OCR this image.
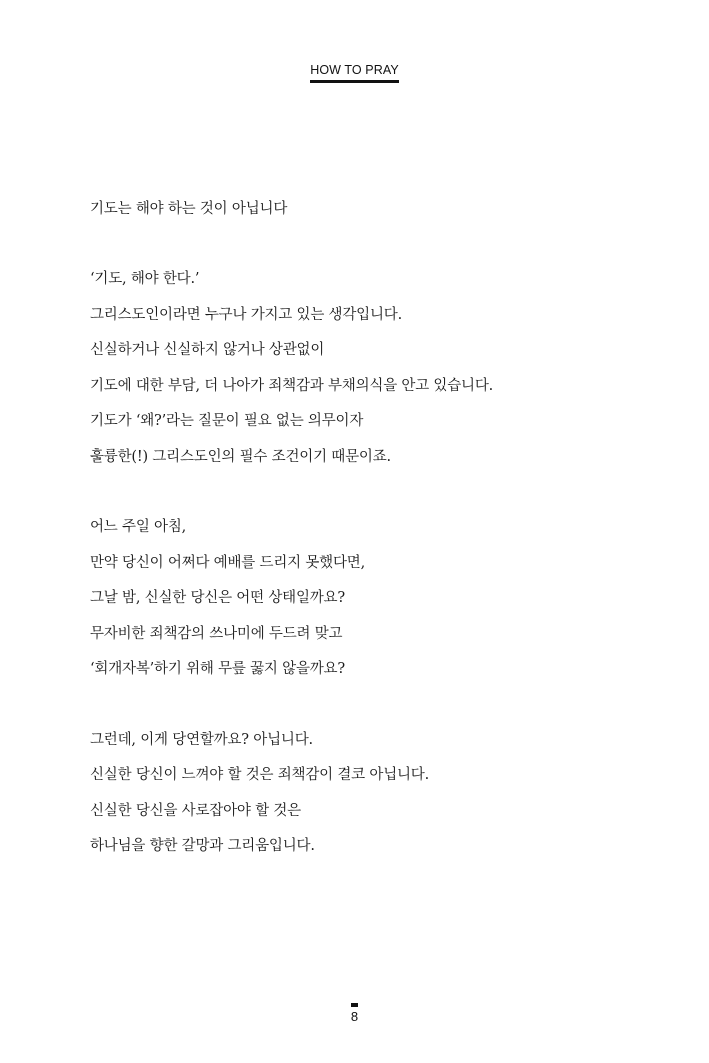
HOW TO PRAY
기도는 해야 하는 것이 아닙니다
‘기도, 해야 한다.’
그리스도인이라면 누구나 가지고 있는 생각입니다.
신실하거나 신실하지 않거나 상관없이
기도에 대한 부담, 더 나아가 죄책감과 부채의식을 안고 있습니다.
기도가 ‘왜?’라는 질문이 필요 없는 의무이자
훌륭한(!) 그리스도인의 필수 조건이기 때문이죠.
어느 주일 아침,
만약 당신이 어쩌다 예배를 드리지 못했다면,
그날 밤, 신실한 당신은 어떤 상태일까요?
무자비한 죄책감의 쓰나미에 두드려 맞고
‘회개자복’하기 위해 무릎 꿇지 않을까요?
그런데, 이게 당연할까요? 아닙니다.
신실한 당신이 느껴야 할 것은 죄책감이 결코 아닙니다.
신실한 당신을 사로잡아야 할 것은
하나님을 향한 갈망과 그리움입니다.
8
